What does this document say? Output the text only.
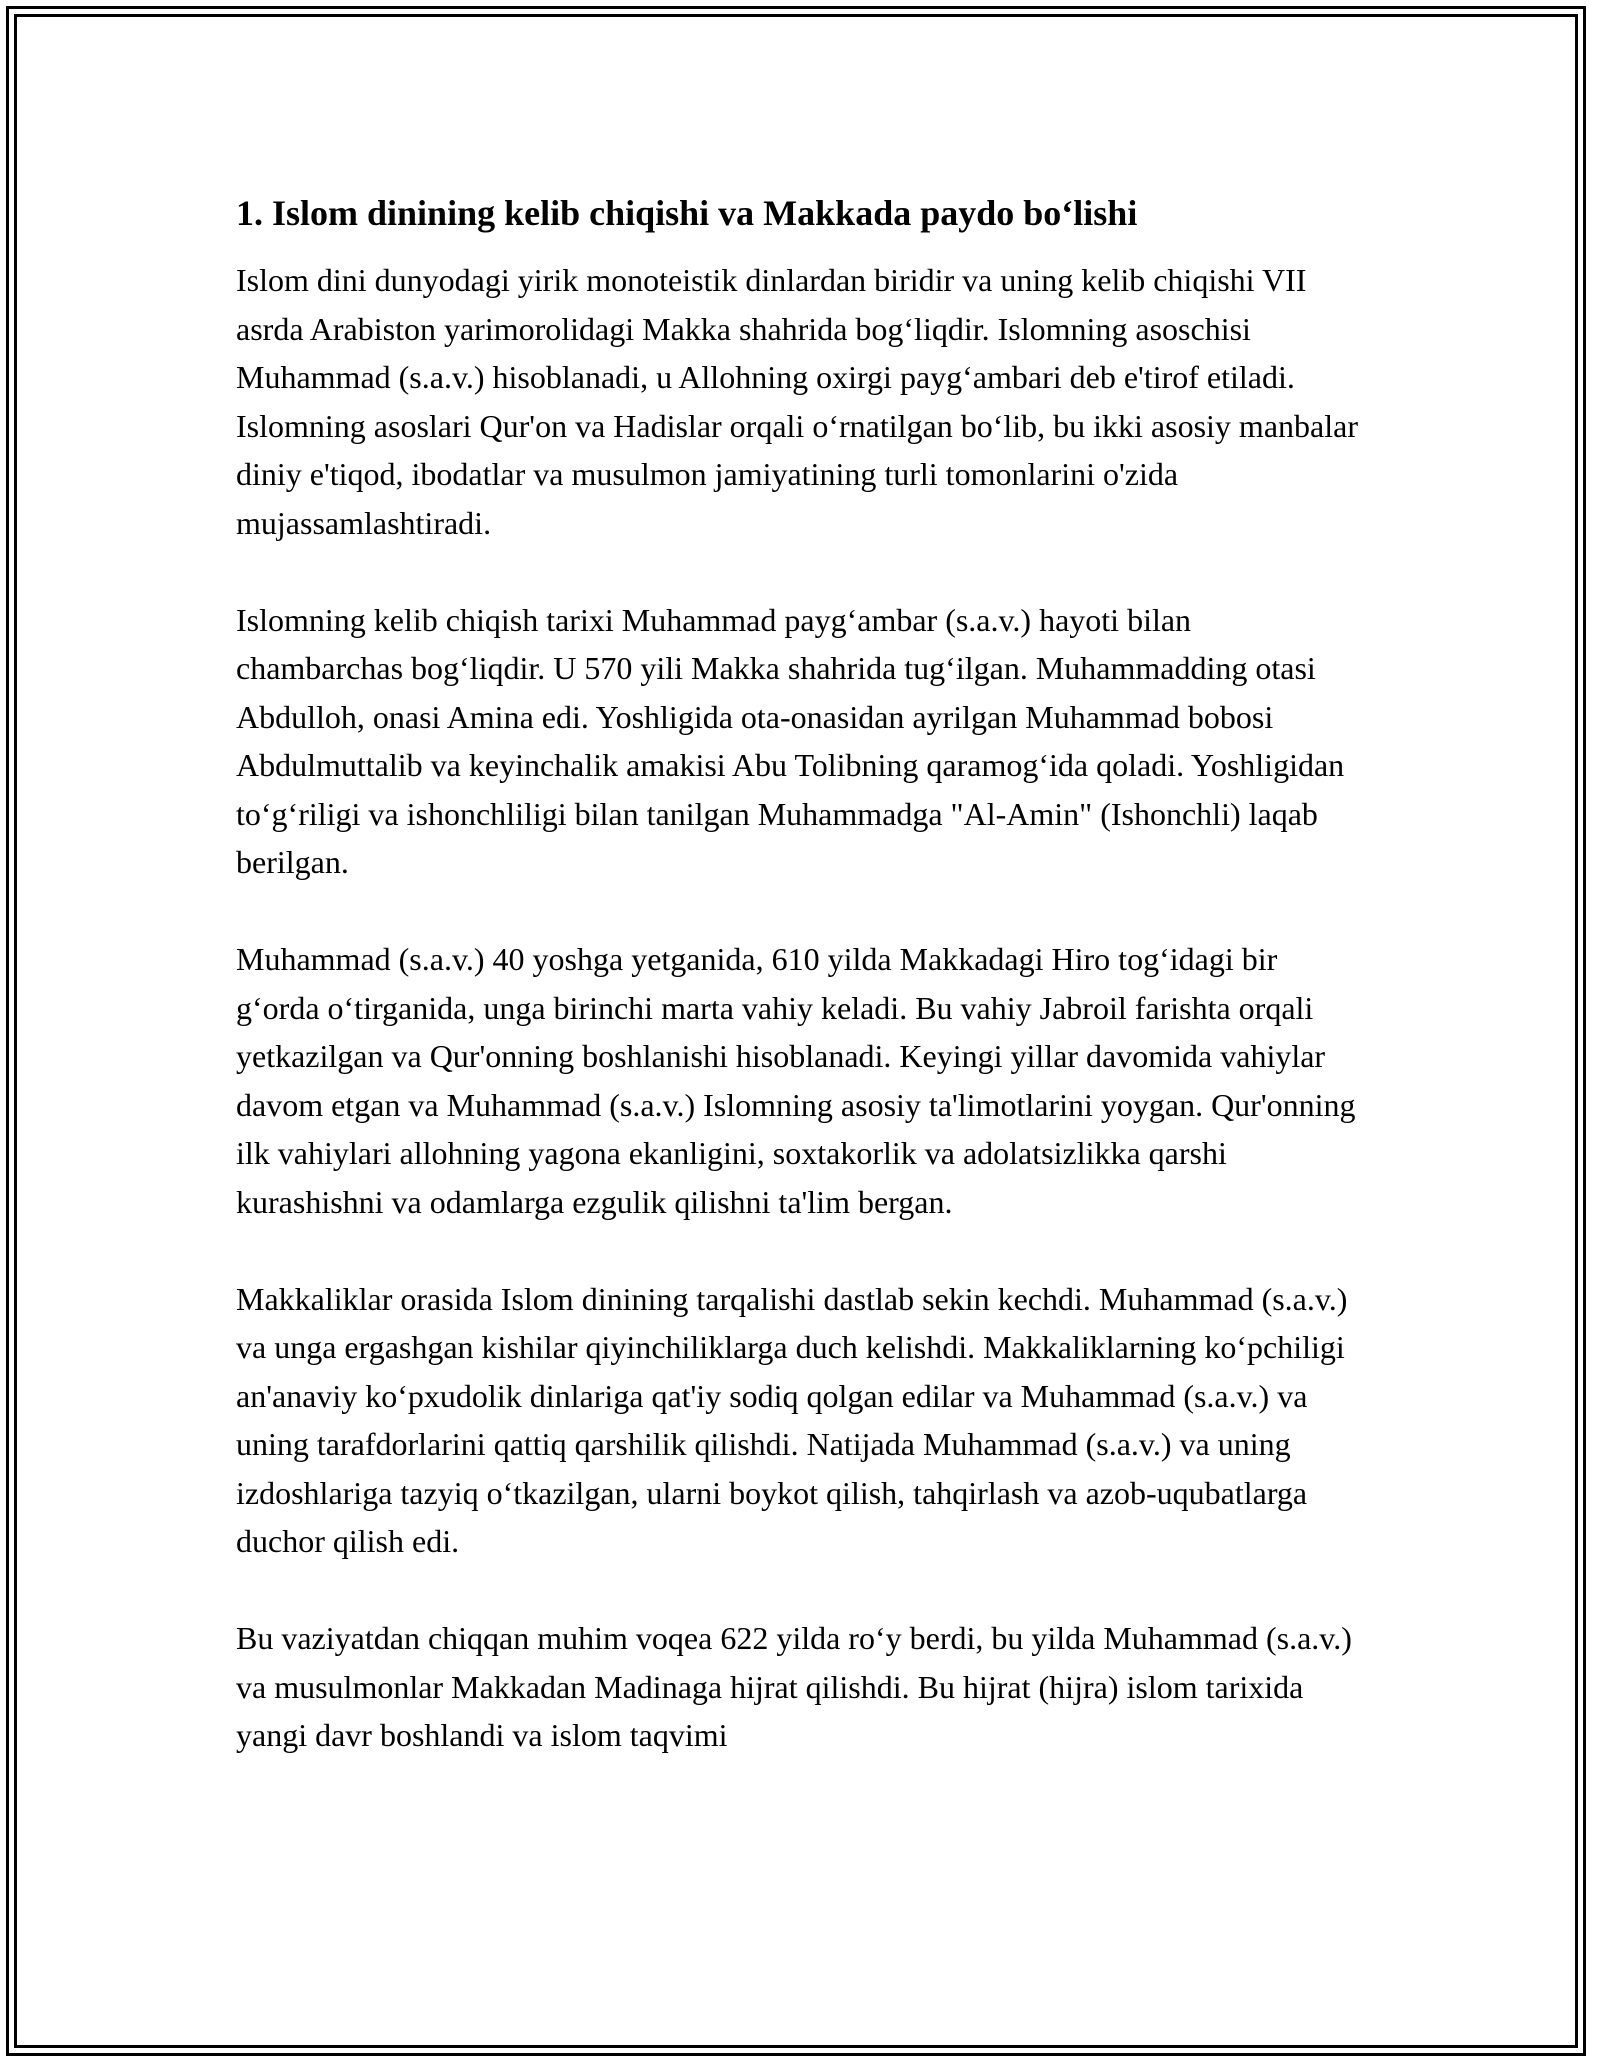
1. Islom dinining kelib chiqishi va Makkada paydo bo‘lishi

Islom dini dunyodagi yirik monoteistik dinlardan biridir va uning kelib chiqishi VII asrda Arabiston yarimorolidagi Makka shahrida bog‘liqdir. Islomning asoschisi Muhammad (s.a.v.) hisoblanadi, u Allohning oxirgi payg‘ambari deb e'tirof etiladi. Islomning asoslari Qur'on va Hadislar orqali o‘rnatilgan bo‘lib, bu ikki asosiy manbalar diniy e'tiqod, ibodatlar va musulmon jamiyatining turli tomonlarini o'zida mujassamlashtiradi.

Islomning kelib chiqish tarixi Muhammad payg‘ambar (s.a.v.) hayoti bilan chambarchas bog‘liqdir. U 570 yili Makka shahrida tug‘ilgan. Muhammadding otasi Abdulloh, onasi Amina edi. Yoshligida ota-onasidan ayrilgan Muhammad bobosi Abdulmuttalib va keyinchalik amakisi Abu Tolibning qaramog‘ida qoladi. Yoshligidan to‘g‘riligi va ishonchliligi bilan tanilgan Muhammadga "Al-Amin" (Ishonchli) laqab berilgan.

Muhammad (s.a.v.) 40 yoshga yetganida, 610 yilda Makkadagi Hiro tog‘idagi bir g‘orda o‘tirganida, unga birinchi marta vahiy keladi. Bu vahiy Jabroil farishta orqali yetkazilgan va Qur'onning boshlanishi hisoblanadi. Keyingi yillar davomida vahiylar davom etgan va Muhammad (s.a.v.) Islomning asosiy ta'limotlarini yoygan. Qur'onning ilk vahiylari allohning yagona ekanligini, soxtakorlik va adolatsizlikka qarshi kurashishni va odamlarga ezgulik qilishni ta'lim bergan.

Makkaliklar orasida Islom dinining tarqalishi dastlab sekin kechdi. Muhammad (s.a.v.) va unga ergashgan kishilar qiyinchiliklarga duch kelishdi. Makkaliklarning ko‘pchiligi an'anaviy ko‘pxudolik dinlariga qat'iy sodiq qolgan edilar va Muhammad (s.a.v.) va uning tarafdorlarini qattiq qarshilik qilishdi. Natijada Muhammad (s.a.v.) va uning izdoshlariga tazyiq o‘tkazilgan, ularni boykot qilish, tahqirlash va azob-uqubatlarga duchor qilish edi.

Bu vaziyatdan chiqqan muhim voqea 622 yilda ro‘y berdi, bu yilda Muhammad (s.a.v.) va musulmonlar Makkadan Madinaga hijrat qilishdi. Bu hijrat (hijra) islom tarixida yangi davr boshlandi va islom taqvimi
